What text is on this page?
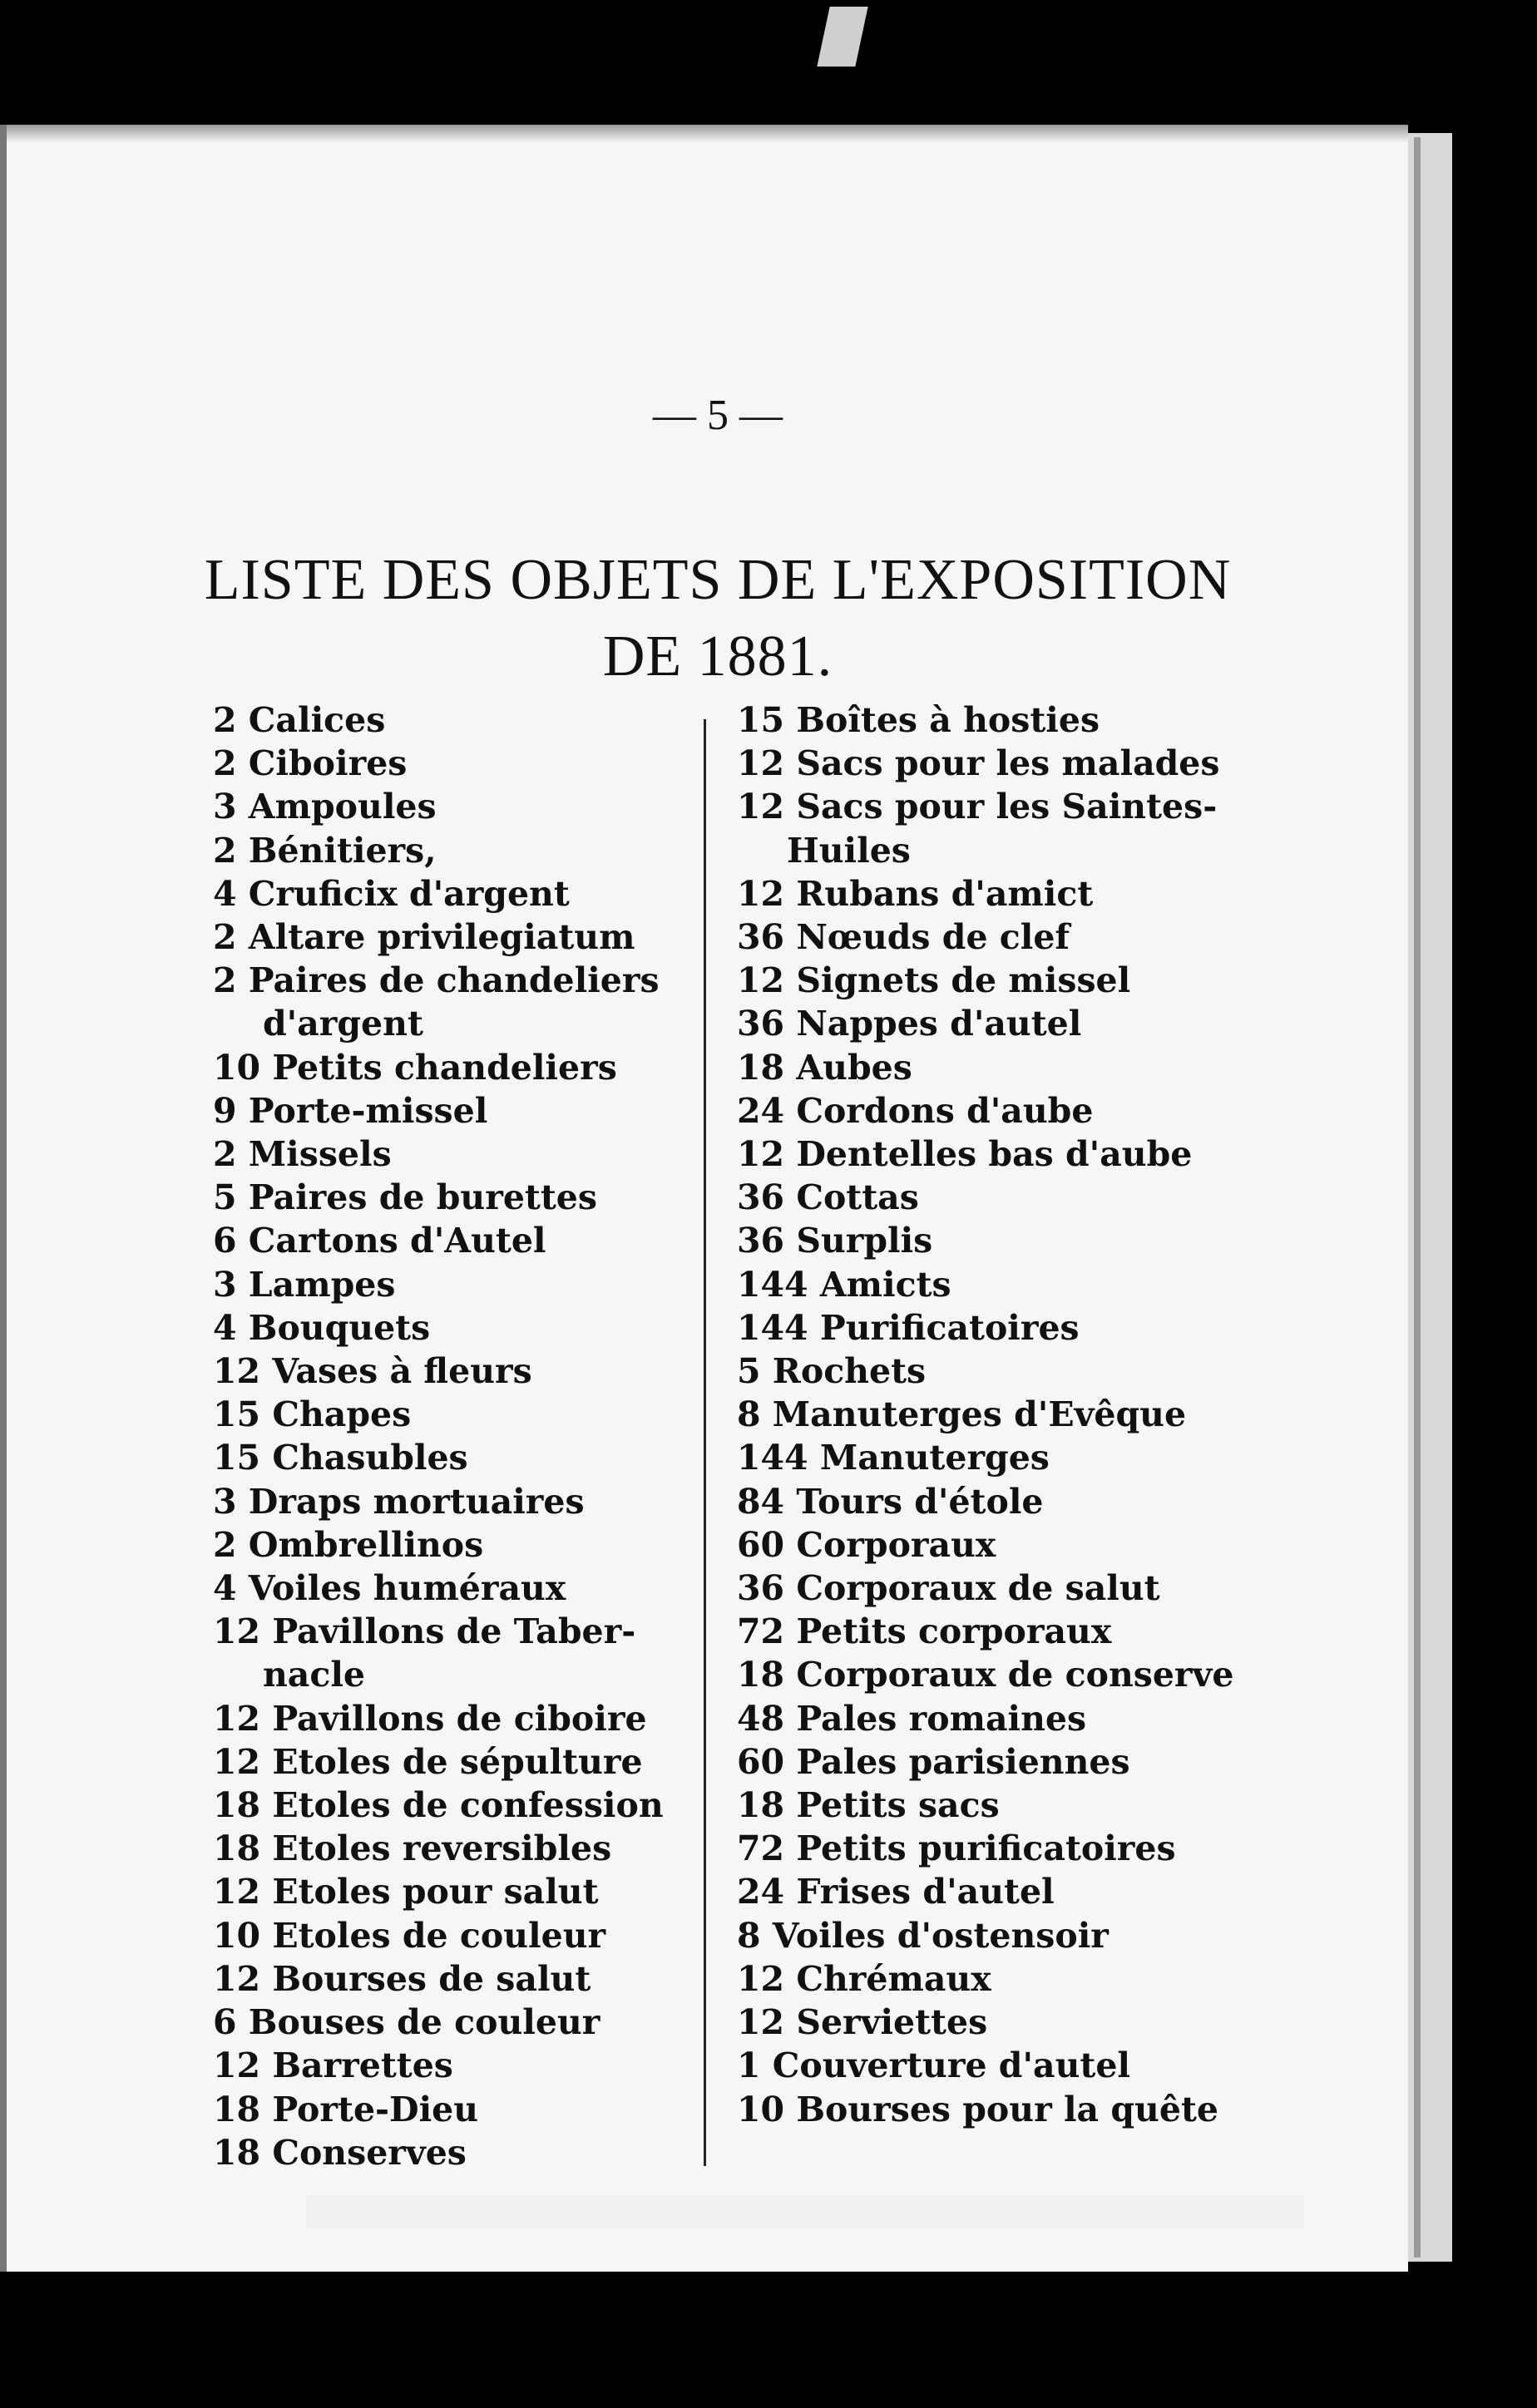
— 5 —
LISTE DES OBJETS DE L'EXPOSITION
DE 1881.
2 Calices
2 Ciboires
3 Ampoules
2 Bénitiers,
4 Cruficix d'argent
2 Altare privilegiatum
2 Paires de chandeliers
d'argent
10 Petits chandeliers
9 Porte-missel
2 Missels
5 Paires de burettes
6 Cartons d'Autel
3 Lampes
4 Bouquets
12 Vases à fleurs
15 Chapes
15 Chasubles
3 Draps mortuaires
2 Ombrellinos
4 Voiles huméraux
12 Pavillons de Taber-
nacle
12 Pavillons de ciboire
12 Etoles de sépulture
18 Etoles de confession
18 Etoles reversibles
12 Etoles pour salut
10 Etoles de couleur
12 Bourses de salut
6 Bouses de couleur
12 Barrettes
18 Porte-Dieu
18 Conserves
15 Boîtes à hosties
12 Sacs pour les malades
12 Sacs pour les Saintes-
Huiles
12 Rubans d'amict
36 Nœuds de clef
12 Signets de missel
36 Nappes d'autel
18 Aubes
24 Cordons d'aube
12 Dentelles bas d'aube
36 Cottas
36 Surplis
144 Amicts
144 Purificatoires
5 Rochets
8 Manuterges d'Evêque
144 Manuterges
84 Tours d'étole
60 Corporaux
36 Corporaux de salut
72 Petits corporaux
18 Corporaux de conserve
48 Pales romaines
60 Pales parisiennes
18 Petits sacs
72 Petits purificatoires
24 Frises d'autel
8 Voiles d'ostensoir
12 Chrémaux
12 Serviettes
1 Couverture d'autel
10 Bourses pour la quête
